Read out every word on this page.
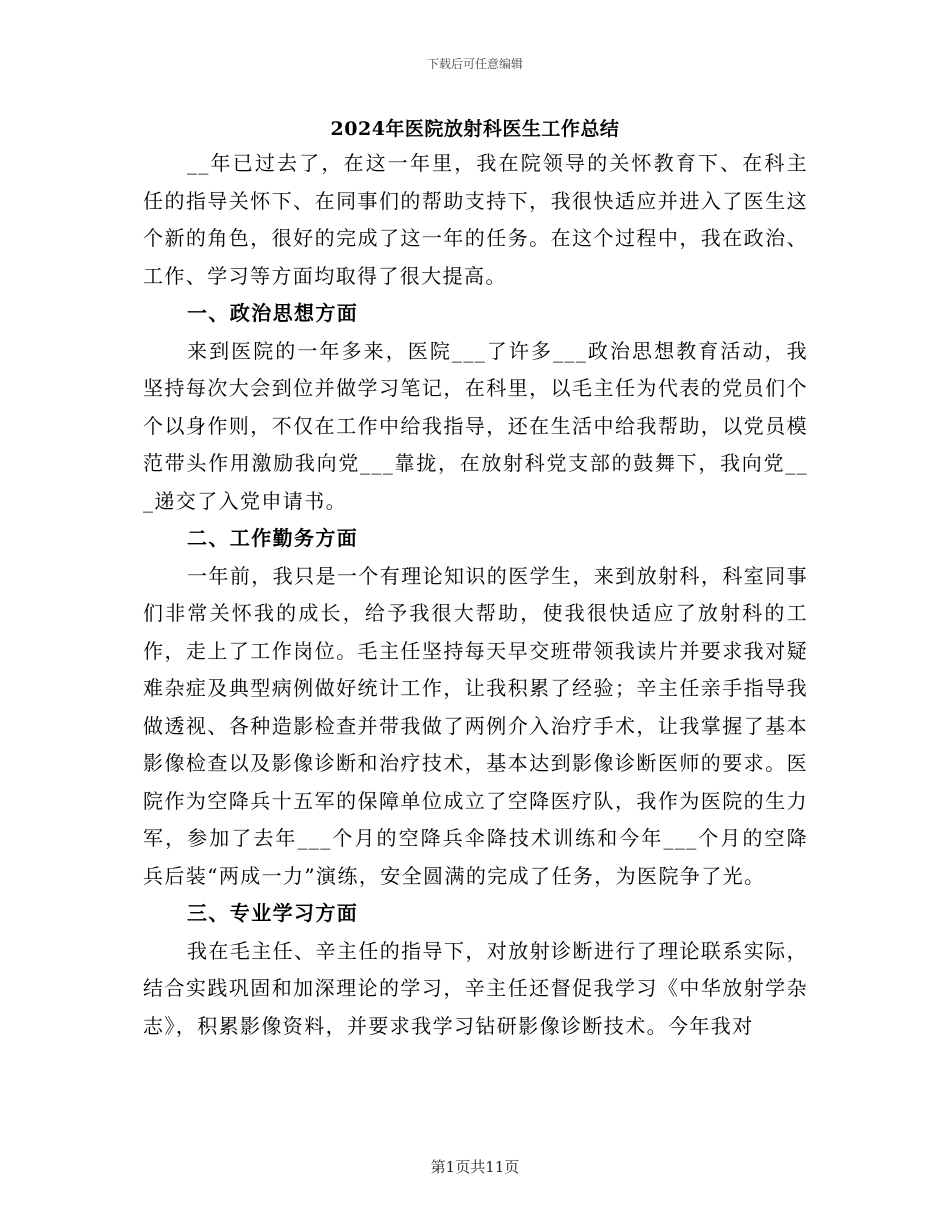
下载后可任意编辑
2024年医院放射科医生工作总结

__年已过去了，在这一年里，我在院领导的关怀教育下、在科主任的指导关怀下、在同事们的帮助支持下，我很快适应并进入了医生这个新的角色，很好的完成了这一年的任务。在这个过程中，我在政治、工作、学习等方面均取得了很大提高。

一、政治思想方面

来到医院的一年多来，医院___了许多___政治思想教育活动，我坚持每次大会到位并做学习笔记，在科里，以毛主任为代表的党员们个个以身作则，不仅在工作中给我指导，还在生活中给我帮助，以党员模范带头作用激励我向党___靠拢，在放射科党支部的鼓舞下，我向党___递交了入党申请书。

二、工作勤务方面

一年前，我只是一个有理论知识的医学生，来到放射科，科室同事们非常关怀我的成长，给予我很大帮助，使我很快适应了放射科的工作，走上了工作岗位。毛主任坚持每天早交班带领我读片并要求我对疑难杂症及典型病例做好统计工作，让我积累了经验；辛主任亲手指导我做透视、各种造影检查并带我做了两例介入治疗手术，让我掌握了基本影像检查以及影像诊断和治疗技术，基本达到影像诊断医师的要求。医院作为空降兵十五军的保障单位成立了空降医疗队，我作为医院的生力军，参加了去年___个月的空降兵伞降技术训练和今年___个月的空降兵后装“两成一力”演练，安全圆满的完成了任务，为医院争了光。

三、专业学习方面

我在毛主任、辛主任的指导下，对放射诊断进行了理论联系实际，结合实践巩固和加深理论的学习，辛主任还督促我学习《中华放射学杂志》，积累影像资料，并要求我学习钻研影像诊断技术。今年我对

第1页共11页
